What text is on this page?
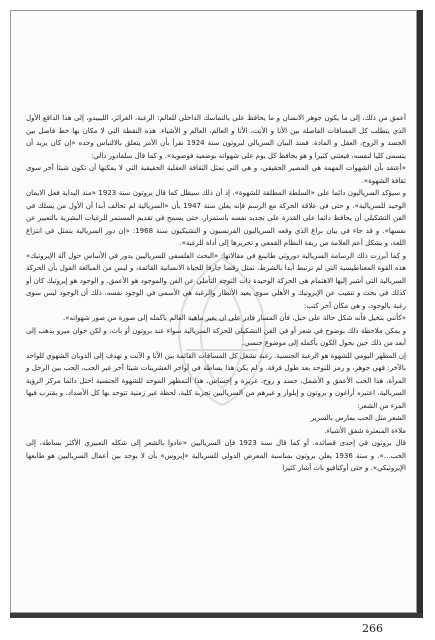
أعمق من ذلك، إلى ما يكون جوهر الانسان و ما يحافظ على بالتماسك الداخلي للعالم: الرغبة، الغرائز، الليبيدو، إلى هذا الدافع الأول الذي يتطلب كل المسافات الفاصلة بين الأنا و الأنت، الأنا و العالم، العالم و الأشياء. هذه النقطة التي لا مكان بها خط فاصل بين الجسد و الروح، العقل و المادة. فمنذ البيان السريالي لبروتون سنة 1924 نقرأ بأن الأمر يتعلق بالالتباس وحده «إن كان يريد أن يتسمى كليا لنفسه، فيعتني كثيرا و هو يحافظ كل يوم على شهواته بوضعية فوضوية». و كما قال سلفادور دالي:
«أعتقد بأن الشهوات المهمة هي المصير الحقيقي، و هي التي تمثل الثقافة العقلية الحقيقية التي لا يمكنها أن تكون شيئا آخر سوى ثقافة الشهوة».
و سيؤكد السرياليون دائما على «السلطة المطلقة للشهوة»، إذ أن ذلك سيظل كما قال بروتون سنة 1923 «منذ البداية فعل الايمان الوحيد للسريالية». و حتى في علاقة الحركة مع الرسم فإنه يعلن سنة 1947 بأن «السريالية لم تخالف أبدا أن الأول من يسلك في الفن التشكيلي أن يحافظ دائما على القدرة على تجديد نفسه باستمرار، حتى يسمح في تقديم المستمر للرغبات البشرية بالتعبير عن نفسها». و قد جاء في بيان براغ الذي وقعه السرياليون الفرنسيون و التشيكيون سنة 1968: «إن دور السريالية يتمثل في انتزاع اللغة، و بشكل أعم العلامة من ربقة النظام القمعي و تحريرها إلى أداة للرغبة».
و كما أبرزت ذلك الرسامة السريالية دوروثي طانينغ في مقالاتها: «البحث الفلسفي للسرياليين يدور في الأساس حول آلة الإيروتيك» هذه القوة المغناطيسية التي لم ترتبط أبدا بالشرط. تمثل رقصا جارفا للحياة الانسانية القائمة، و ليس من المبالغة القول بأن الحركة السريالية التي أشير إليها الاهتمام هي الحركة الوحيدة ذات التوجه التأملي عن الفن والموجود هو الأعمق. و الوجود هو إيروتيك كان أو كذلك في بحث و تنقيب عن الإيروتيك و الأهلي سوى يعيد الأنظار والرغبة هي الأسمى في الوجود نفسه، ذلك أن الوجود ليس سوى رغبة بالوجود، و هي مكان آخر كتب:
«كأنني بتخيل فأنه شكل حالة على حبل، فأن المسار فادر على ان يغير ماهية العالم باكمله إلى صورة من صور شهواته».
و يمكن ملاحظة ذلك بوضوح في شعر أو في الفن التشكيلي للحركة السريالية سواء عند بروتون أو باث، و لكن خوان ميرو يذهب إلى أبعد من ذلك حين يحول الكون بأكمله إلى موضوع جنسي.
إن المظهر اليومي للشهوة هو الرغبة الجنسية. رغبة تشغل كل المسافات القائمة بين الأنا و الآنت و تهدف إلى الذوبان الشهوي للواحد بالآخر: فهي جوهر، و رمز للتوحد بعد طول فرقة. و لم يكن هذا بساطة في أواخر العشرينات شيئا آخر غير الحب، الحب بين الرجل و المرأة، هذا الحب الأعمق و الأشمل، جسد و روح، غريزة و إحساس، هذا التمظهر الموحد للشهوة الجنسية احتل دائما مركز الرؤية السريالية، اعتبره أراغون و بروتون و إيلوار و غيرهم من السرياليين تجربة كلية، لحظة غير زمنية تتوحد بها كل الأضداد، و يقترب فيها المرء من الشعر:
الشعر مثل الحب يمارس بالسرير
ملاءة المبعثرة شفق الأشياء.
قال بروتون في إحدى قصائده. أو كما قال سنة 1923 فإن السرياليين «عادوا بالشعر إلى شكله التعبيري الأكثر بساطة، إلى الحب...». و سنة 1936 يعلن بروتون بمناسبة المعرض الدولي للسريالية «إيروس» بأن لا يوجد بين أعمال السرياليين هو طابعها الإيروتيكي». و حتى أوكتافيو باث أشار كثيرا
266
